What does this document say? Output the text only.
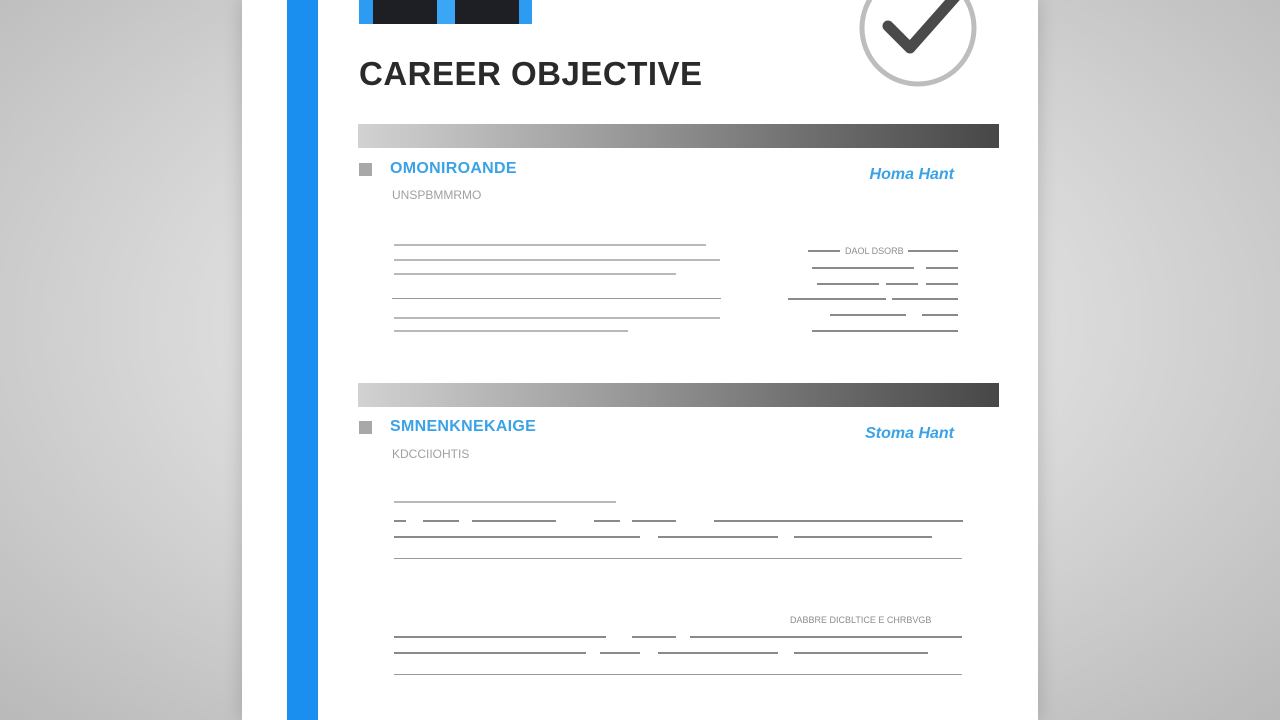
CAREER OBJECTIVE
OMONIROANDE
UNSPBMMRMO
Homa Hant
DAOL DSORB
SMNENKNEKAIGE
KDCCIIOHTIS
Stoma Hant
DABBRE DICBLTICE E CHRBVGB
